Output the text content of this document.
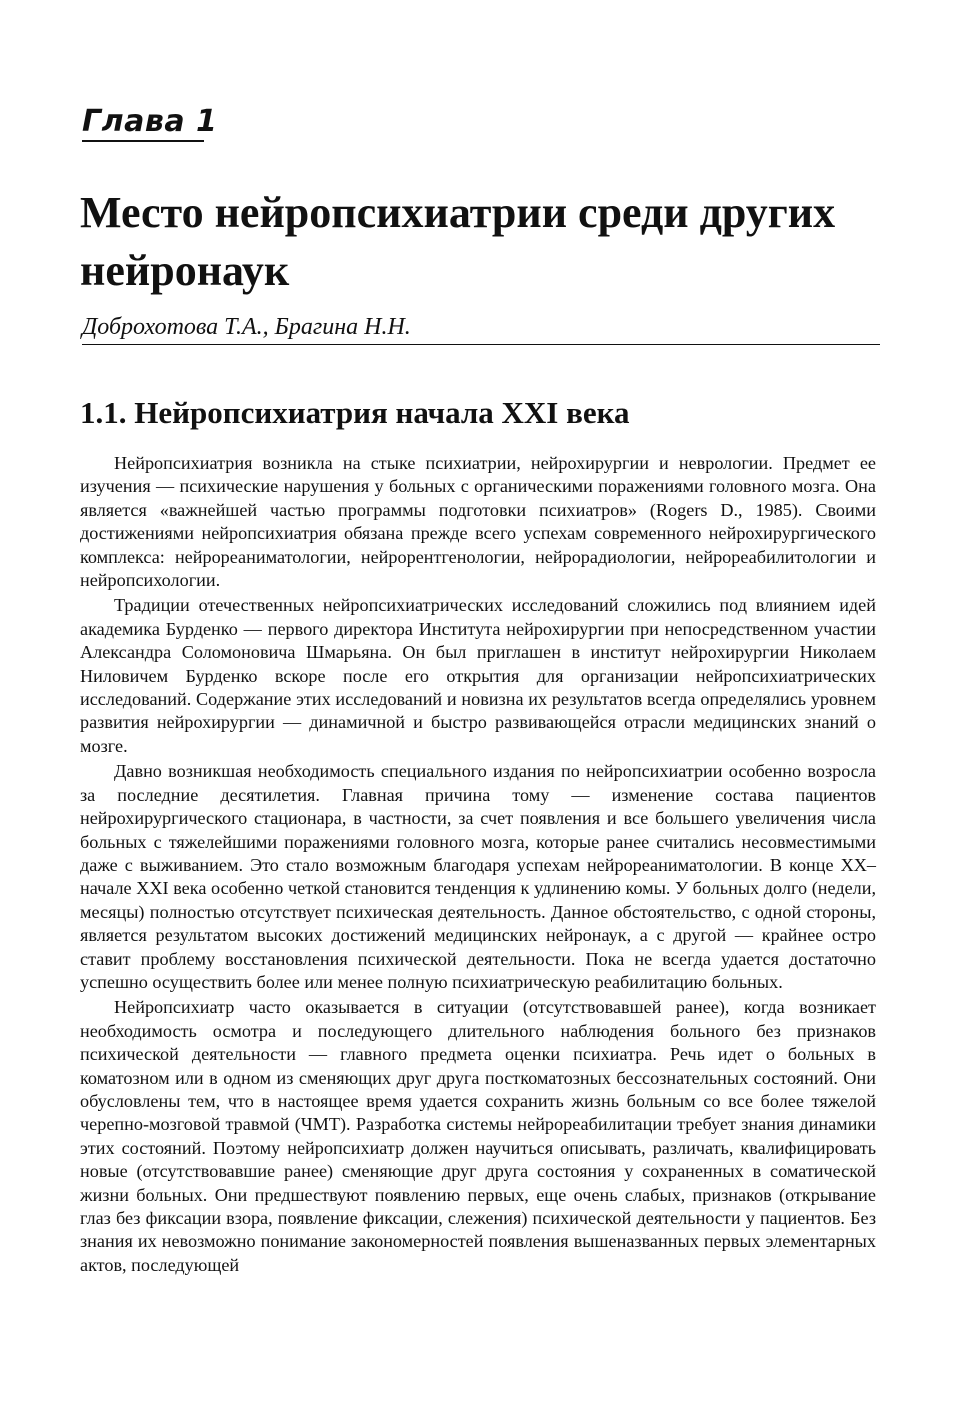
Глава 1
Место нейропсихиатрии среди других нейронаук
Доброхотова Т.А., Брагина Н.Н.
1.1. Нейропсихиатрия начала XXI века

Нейропсихиатрия возникла на стыке психиатрии, нейрохирургии и неврологии. Предмет ее изучения — психические нарушения у больных с органическими поражениями головного мозга. Она является «важнейшей частью программы подготовки психиатров» (Rogers D., 1985). Своими достижениями нейропсихиатрия обязана прежде всего успехам современного нейрохирургического комплекса: нейрореаниматологии, нейрорентгенологии, нейрорадиологии, нейрореабилитологии и нейропсихологии.

Традиции отечественных нейропсихиатрических исследований сложились под влиянием идей академика Бурденко — первого директора Института нейрохирургии при непосредственном участии Александра Соломоновича Шмарьяна. Он был приглашен в институт нейрохирургии Николаем Ниловичем Бурденко вскоре после его открытия для организации нейропсихиатрических исследований. Содержание этих исследований и новизна их результатов всегда определялись уровнем развития нейрохирургии — динамичной и быстро развивающейся отрасли медицинских знаний о мозге.

Давно возникшая необходимость специального издания по нейропсихиатрии особенно возросла за последние десятилетия. Главная причина тому — изменение состава пациентов нейрохирургического стационара, в частности, за счет появления и все большего увеличения числа больных с тяжелейшими поражениями головного мозга, которые ранее считались несовместимыми даже с выживанием. Это стало возможным благодаря успехам нейрореаниматологии. В конце XX–начале XXI века особенно четкой становится тенденция к удлинению комы. У больных долго (недели, месяцы) полностью отсутствует психическая деятельность. Данное обстоятельство, с одной стороны, является результатом высоких достижений медицинских нейронаук, а с другой — крайнее остро ставит проблему восстановления психической деятельности. Пока не всегда удается достаточно успешно осуществить более или менее полную психиатрическую реабилитацию больных.

Нейропсихиатр часто оказывается в ситуации (отсутствовавшей ранее), когда возникает необходимость осмотра и последующего длительного наблюдения больного без признаков психической деятельности — главного предмета оценки психиатра. Речь идет о больных в коматозном или в одном из сменяющих друг друга посткоматозных бессознательных состояний. Они обусловлены тем, что в настоящее время удается сохранить жизнь больным со все более тяжелой черепно-мозговой травмой (ЧМТ). Разработка системы нейрореабилитации требует знания динамики этих состояний. Поэтому нейропсихиатр должен научиться описывать, различать, квалифицировать новые (отсутствовавшие ранее) сменяющие друг друга состояния у сохраненных в соматической жизни больных. Они предшествуют появлению первых, еще очень слабых, признаков (открывание глаз без фиксации взора, появление фиксации, слежения) психической деятельности у пациентов. Без знания их невозможно понимание закономерностей появления вышеназванных первых элементарных актов, последующей
